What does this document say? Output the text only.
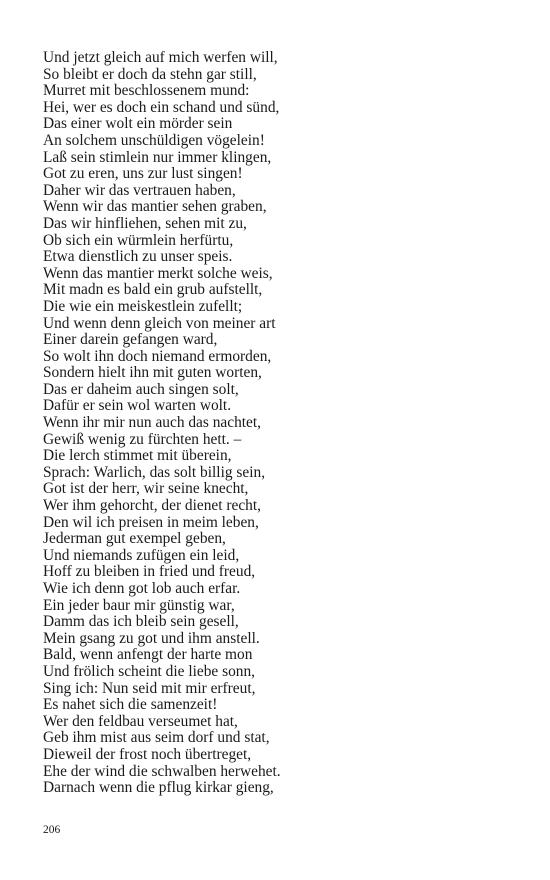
Und jetzt gleich auf mich werfen will,
So bleibt er doch da stehn gar still,
Murret mit beschlossenem mund:
Hei, wer es doch ein schand und sünd,
Das einer wolt ein mörder sein
An solchem unschüldigen vögelein!
Laß sein stimlein nur immer klingen,
Got zu eren, uns zur lust singen!
Daher wir das vertrauen haben,
Wenn wir das mantier sehen graben,
Das wir hinfliehen, sehen mit zu,
Ob sich ein würmlein herfürtu,
Etwa dienstlich zu unser speis.
Wenn das mantier merkt solche weis,
Mit madn es bald ein grub aufstellt,
Die wie ein meiskestlein zufellt;
Und wenn denn gleich von meiner art
Einer darein gefangen ward,
So wolt ihn doch niemand ermorden,
Sondern hielt ihn mit guten worten,
Das er daheim auch singen solt,
Dafür er sein wol warten wolt.
Wenn ihr mir nun auch das nachtet,
Gewiß wenig zu fürchten hett. –
Die lerch stimmet mit überein,
Sprach: Warlich, das solt billig sein,
Got ist der herr, wir seine knecht,
Wer ihm gehorcht, der dienet recht,
Den wil ich preisen in meim leben,
Jederman gut exempel geben,
Und niemands zufügen ein leid,
Hoff zu bleiben in fried und freud,
Wie ich denn got lob auch erfar.
Ein jeder baur mir günstig war,
Damm das ich bleib sein gesell,
Mein gsang zu got und ihm anstell.
Bald, wenn anfengt der harte mon
Und frölich scheint die liebe sonn,
Sing ich: Nun seid mit mir erfreut,
Es nahet sich die samenzeit!
Wer den feldbau verseumet hat,
Geb ihm mist aus seim dorf und stat,
Dieweil der frost noch übertreget,
Ehe der wind die schwalben herwehet.
Darnach wenn die pflug kirkar gieng,
206
